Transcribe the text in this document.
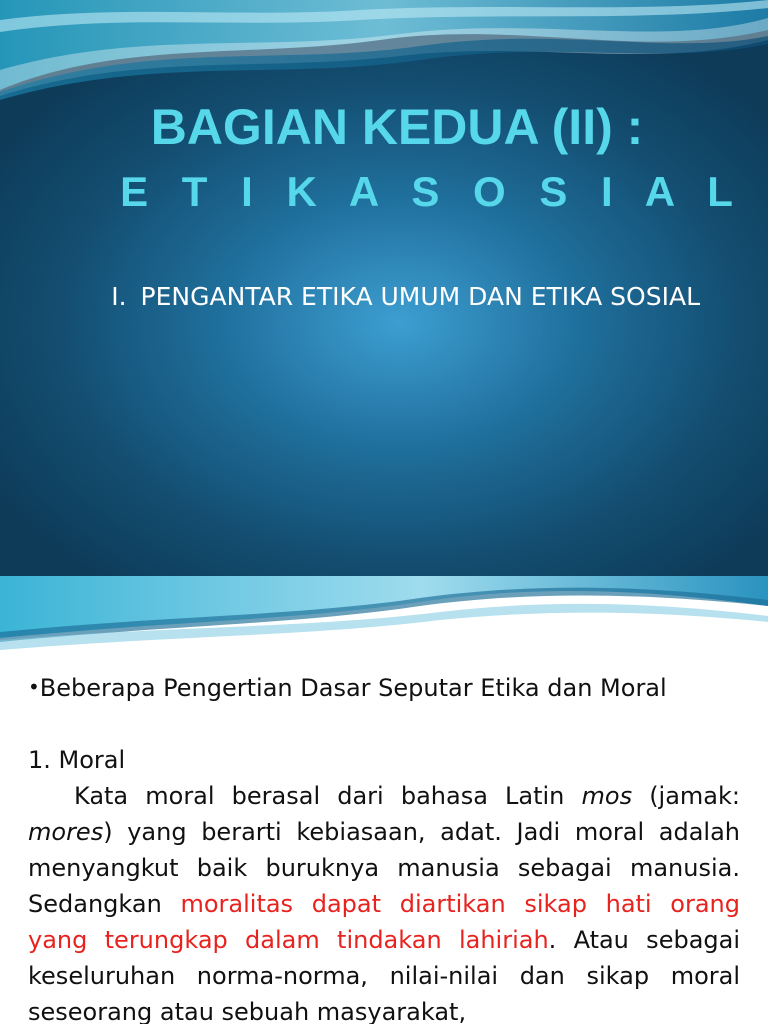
BAGIAN KEDUA (II) :
E T I K A S O S I A L
I. PENGANTAR ETIKA UMUM DAN ETIKA SOSIAL

•Beberapa Pengertian Dasar Seputar Etika dan Moral

1. Moral

Kata moral berasal dari bahasa Latin mos (jamak: mores) yang berarti kebiasaan, adat. Jadi moral adalah menyangkut baik buruknya manusia sebagai manusia. Sedangkan moralitas dapat diartikan sikap hati orang yang terungkap dalam tindakan lahiriah. Atau sebagai keseluruhan norma-norma, nilai-nilai dan sikap moral seseorang atau sebuah masyarakat,
